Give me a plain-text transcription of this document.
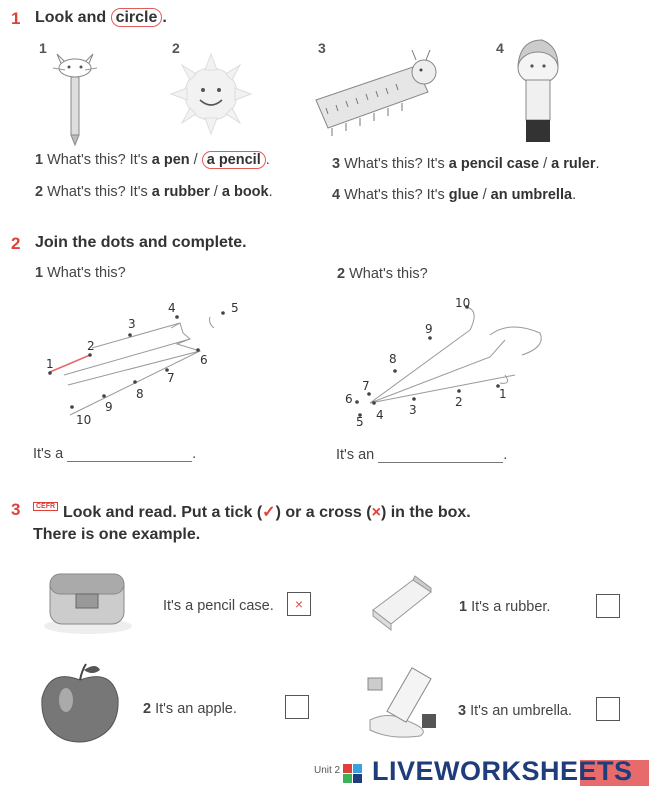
1 Look and circle .
1	2	3	4
1 What's this? It's a pen / a pencil .
2 What's this? It's a rubber / a book.
3 What's this? It's a pencil case / a ruler.
4 What's this? It's glue / an umbrella.
2 Join the dots and complete.
1 What's this?	2 What's this?
1
2
3
4	5
6
7
8
9
10
1
2
3
4
5
6
7
8
9
10
It's a	.	It's an	.
3	CEFR Look and read. Put a tick (✓) or a cross (×) in the box.
There is one example.
It's a pencil case.	×	1 It's a rubber.
2 It's an apple.	3 It's an umbrella.
Unit 2 LIVEWORKSHEETS
